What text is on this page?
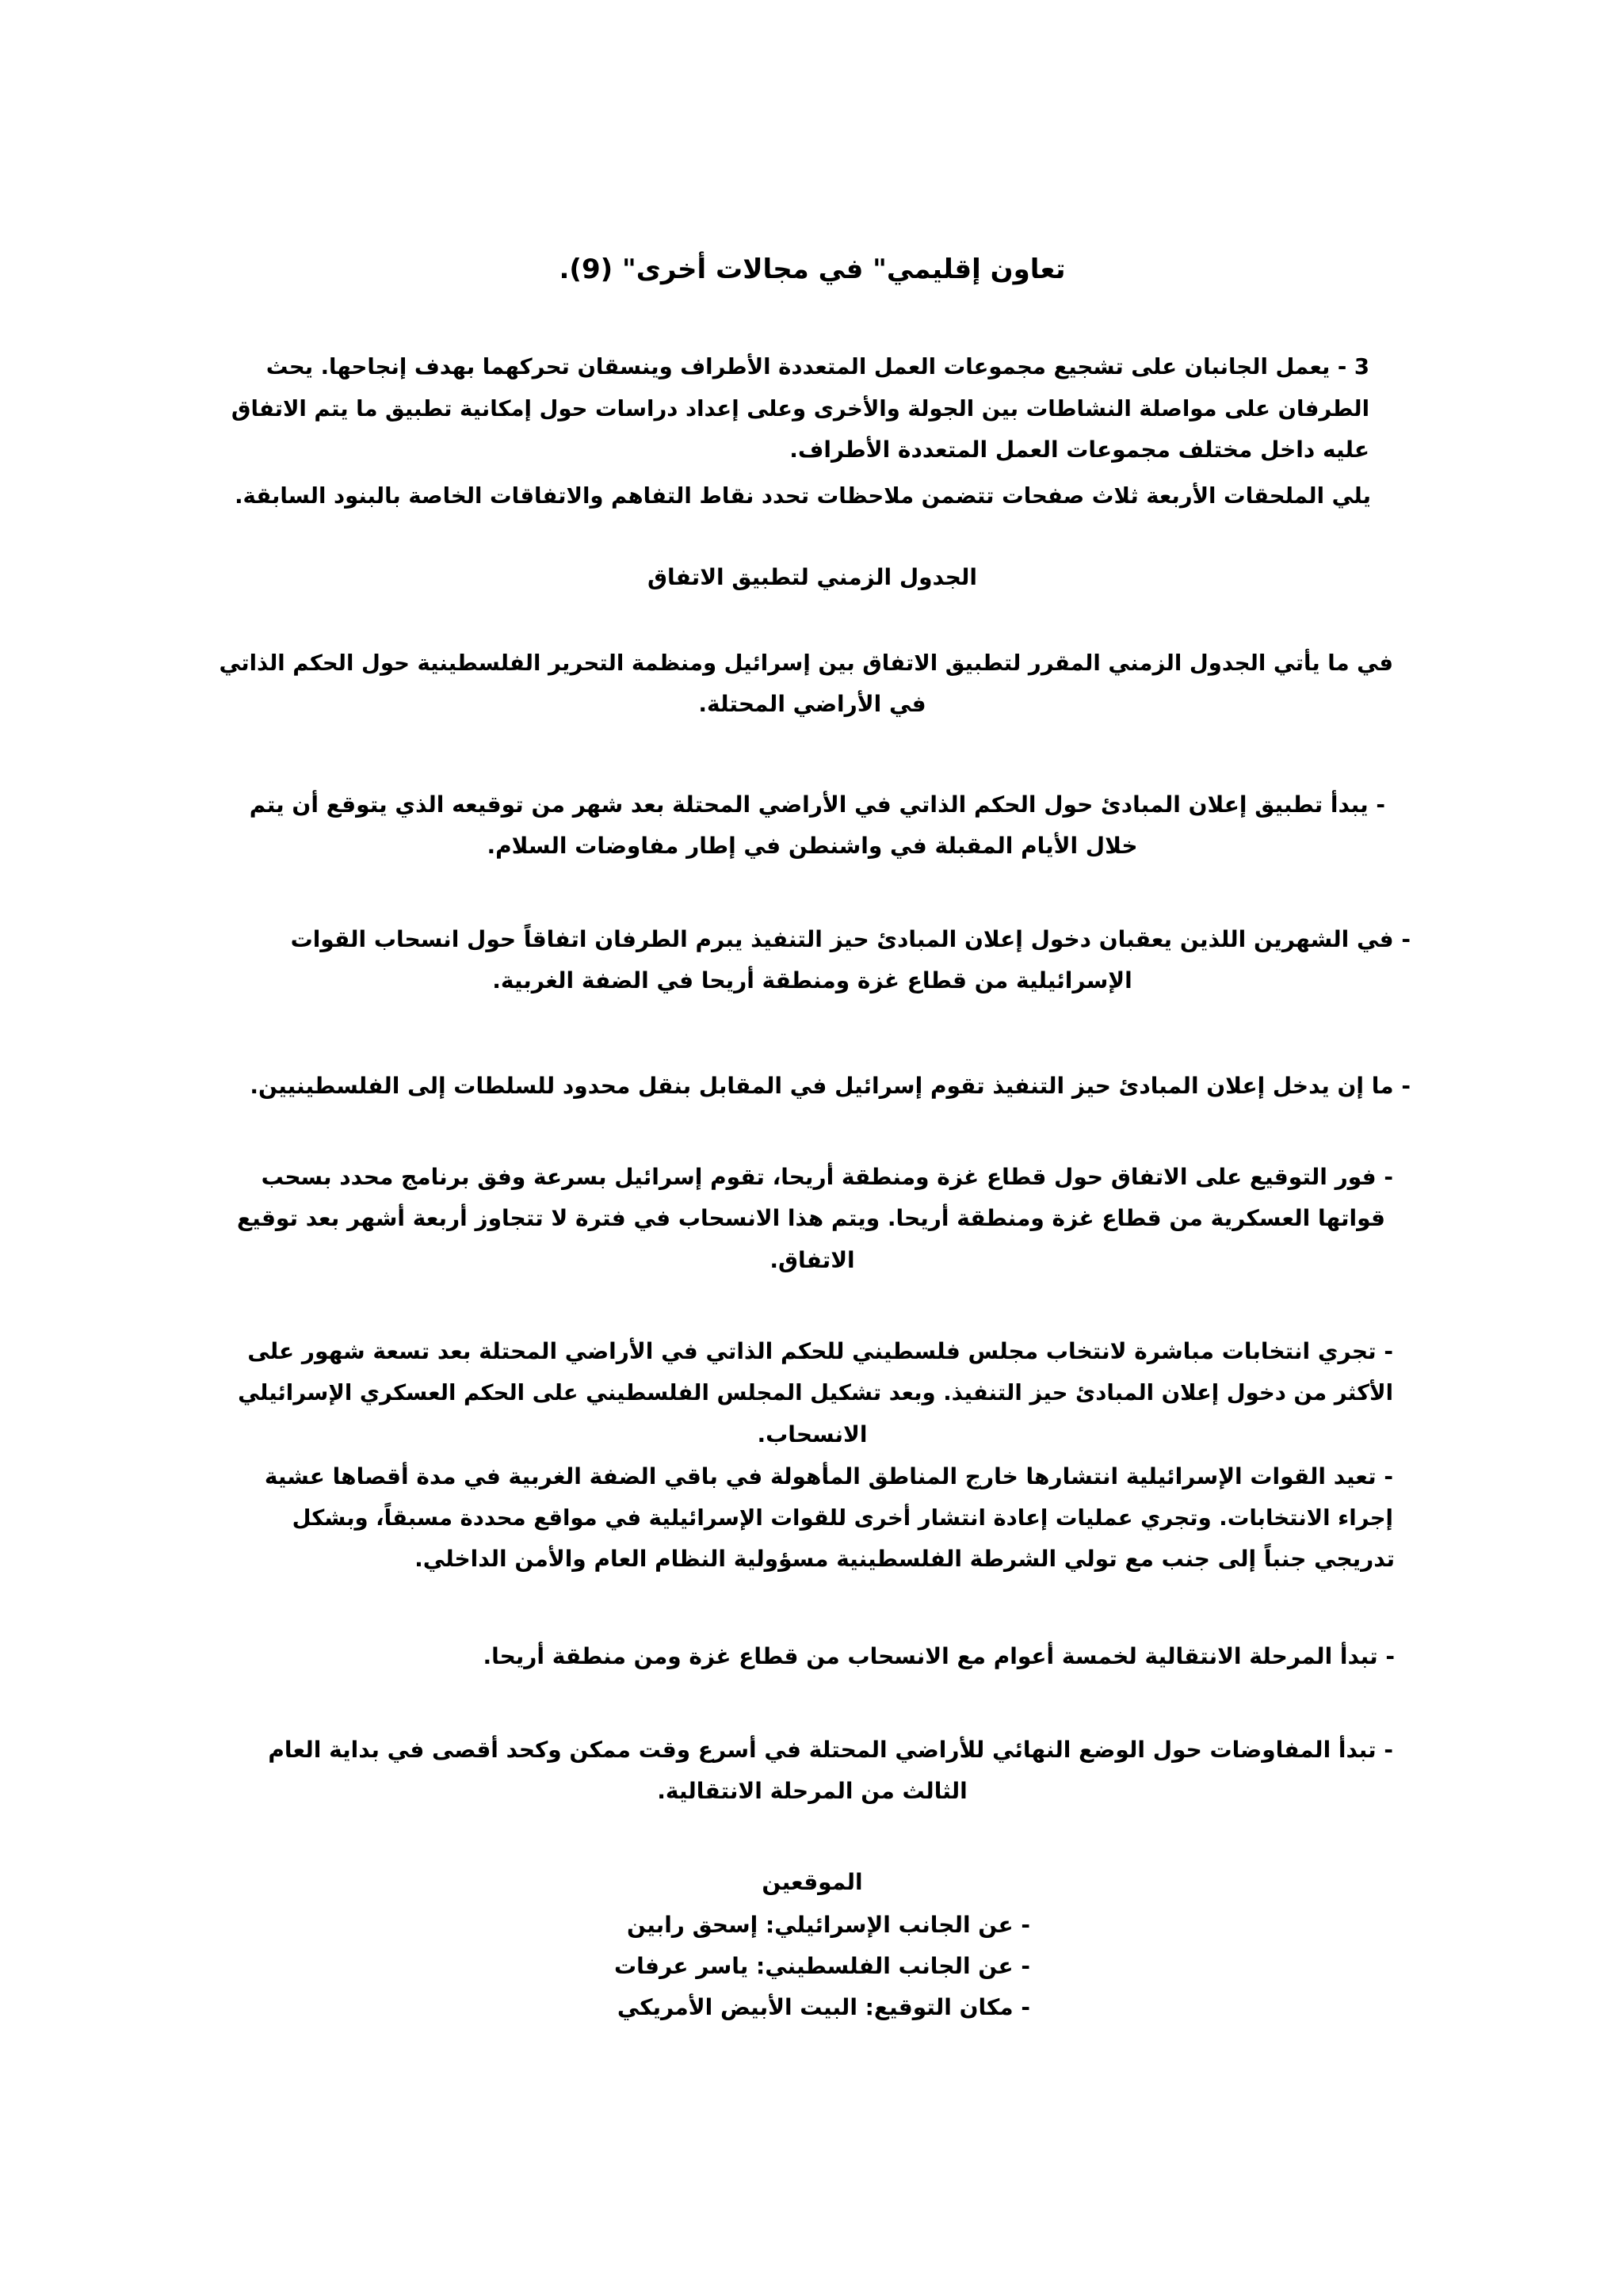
تعاون إقليمي" في مجالات أخرى" (9).
3 - يعمل الجانبان على تشجيع مجموعات العمل المتعددة الأطراف وينسقان تحركهما بهدف إنجاحها. يحث
الطرفان على مواصلة النشاطات بين الجولة والأخرى وعلى إعداد دراسات حول إمكانية تطبيق ما يتم الاتفاق
عليه داخل مختلف مجموعات العمل المتعددة الأطراف.
يلي الملحقات الأربعة ثلاث صفحات تتضمن ملاحظات تحدد نقاط التفاهم والاتفاقات الخاصة بالبنود السابقة.
الجدول الزمني لتطبيق الاتفاق
في ما يأتي الجدول الزمني المقرر لتطبيق الاتفاق بين إسرائيل ومنظمة التحرير الفلسطينية حول الحكم الذاتي
في الأراضي المحتلة.
- يبدأ تطبيق إعلان المبادئ حول الحكم الذاتي في الأراضي المحتلة بعد شهر من توقيعه الذي يتوقع أن يتم
خلال الأيام المقبلة في واشنطن في إطار مفاوضات السلام.
- في الشهرين اللذين يعقبان دخول إعلان المبادئ حيز التنفيذ يبرم الطرفان اتفاقاً حول انسحاب القوات
الإسرائيلية من قطاع غزة ومنطقة أريحا في الضفة الغربية.
- ما إن يدخل إعلان المبادئ حيز التنفيذ تقوم إسرائيل في المقابل بنقل محدود للسلطات إلى الفلسطينيين.
- فور التوقيع على الاتفاق حول قطاع غزة ومنطقة أريحا، تقوم إسرائيل بسرعة وفق برنامج محدد بسحب
قواتها العسكرية من قطاع غزة ومنطقة أريحا. ويتم هذا الانسحاب في فترة لا تتجاوز أربعة أشهر بعد توقيع
الاتفاق.
- تجري انتخابات مباشرة لانتخاب مجلس فلسطيني للحكم الذاتي في الأراضي المحتلة بعد تسعة شهور على
الأكثر من دخول إعلان المبادئ حيز التنفيذ. وبعد تشكيل المجلس الفلسطيني على الحكم العسكري الإسرائيلي
الانسحاب.
- تعيد القوات الإسرائيلية انتشارها خارج المناطق المأهولة في باقي الضفة الغربية في مدة أقصاها عشية
إجراء الانتخابات. وتجري عمليات إعادة انتشار أخرى للقوات الإسرائيلية في مواقع محددة مسبقاً، وبشكل
تدريجي جنباً إلى جنب مع تولي الشرطة الفلسطينية مسؤولية النظام العام والأمن الداخلي.
- تبدأ المرحلة الانتقالية لخمسة أعوام مع الانسحاب من قطاع غزة ومن منطقة أريحا.
- تبدأ المفاوضات حول الوضع النهائي للأراضي المحتلة في أسرع وقت ممكن وكحد أقصى في بداية العام
الثالث من المرحلة الانتقالية.
الموقعين
- عن الجانب الإسرائيلي: إسحق رابين
- عن الجانب الفلسطيني: ياسر عرفات
- مكان التوقيع: البيت الأبيض الأمريكي
